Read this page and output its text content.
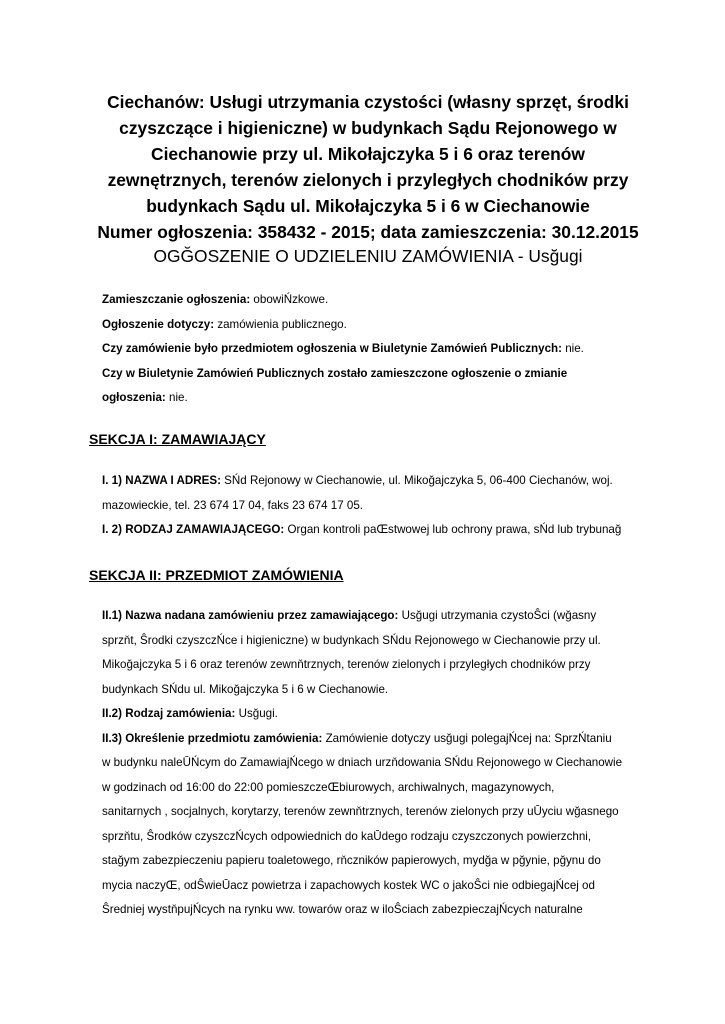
Ciechanów: Usługi utrzymania czystości (własny sprzęt, środki
czyszczące i higieniczne) w budynkach Sądu Rejonowego w
Ciechanowie przy ul. Mikołajczyka 5 i 6 oraz terenów
zewnętrznych, terenów zielonych i przyległych chodników przy
budynkach Sądu ul. Mikołajczyka 5 i 6 w Ciechanowie
Numer ogłoszenia: 358432 - 2015; data zamieszczenia: 30.12.2015
OGĞOSZENIE O UDZIELENIU ZAMÓWIENIA - Usğugi

Zamieszczanie ogłoszenia: obowiŃzkowe.

Ogłoszenie dotyczy: zamówienia publicznego.

Czy zamówienie było przedmiotem ogłoszenia w Biuletynie Zamówień Publicznych: nie.

Czy w Biuletynie Zamówień Publicznych zostało zamieszczone ogłoszenie o zmianie
ogłoszenia: nie.

SEKCJA I: ZAMAWIAJĄCY

I. 1) NAZWA I ADRES: SŃd Rejonowy w Ciechanowie, ul. Mikoğajczyka 5, 06-400 Ciechanów, woj.
mazowieckie, tel. 23 674 17 04, faks 23 674 17 05.

I. 2) RODZAJ ZAMAWIAJĄCEGO: Organ kontroli paŒstwowej lub ochrony prawa, sŃd lub trybunağ

SEKCJA II: PRZEDMIOT ZAMÓWIENIA

II.1) Nazwa nadana zamówieniu przez zamawiającego: Usğugi utrzymania czystoŜci (wğasny
sprzňt, Ŝrodki czyszczŃce i higieniczne) w budynkach SŃdu Rejonowego w Ciechanowie przy ul.
Mikoğajczyka 5 i 6 oraz terenów zewnňtrznych, terenów zielonych i przyległych chodników przy
budynkach SŃdu ul. Mikoğajczyka 5 i 6 w Ciechanowie.

II.2) Rodzaj zamówienia: Usğugi.

II.3) Określenie przedmiotu zamówienia: Zamówienie dotyczy usğugi polegajŃcej na: SprzŃtaniu
w budynku naleŪŃcym do ZamawiajŃcego w dniach urzňdowania SŃdu Rejonowego w Ciechanowie
w godzinach od 16:00 do 22:00 pomieszczeŒbiurowych, archiwalnych, magazynowych,
sanitarnych , socjalnych, korytarzy, terenów zewnňtrznych, terenów zielonych przy uŪyciu wğasnego
sprzňtu, Ŝrodków czyszczŃcych odpowiednich do kaŪdego rodzaju czyszczonych powierzchni,
stağym zabezpieczeniu papieru toaletowego, rňczników papierowych, mydğa w pğynie, pğynu do
mycia naczyŒ, odŜwieŪacz powietrza i zapachowych kostek WC o jakoŜci nie odbiegajŃcej od
Ŝredniej wystňpujŃcych na rynku ww. towarów oraz w iloŜciach zabezpieczajŃcych naturalne
